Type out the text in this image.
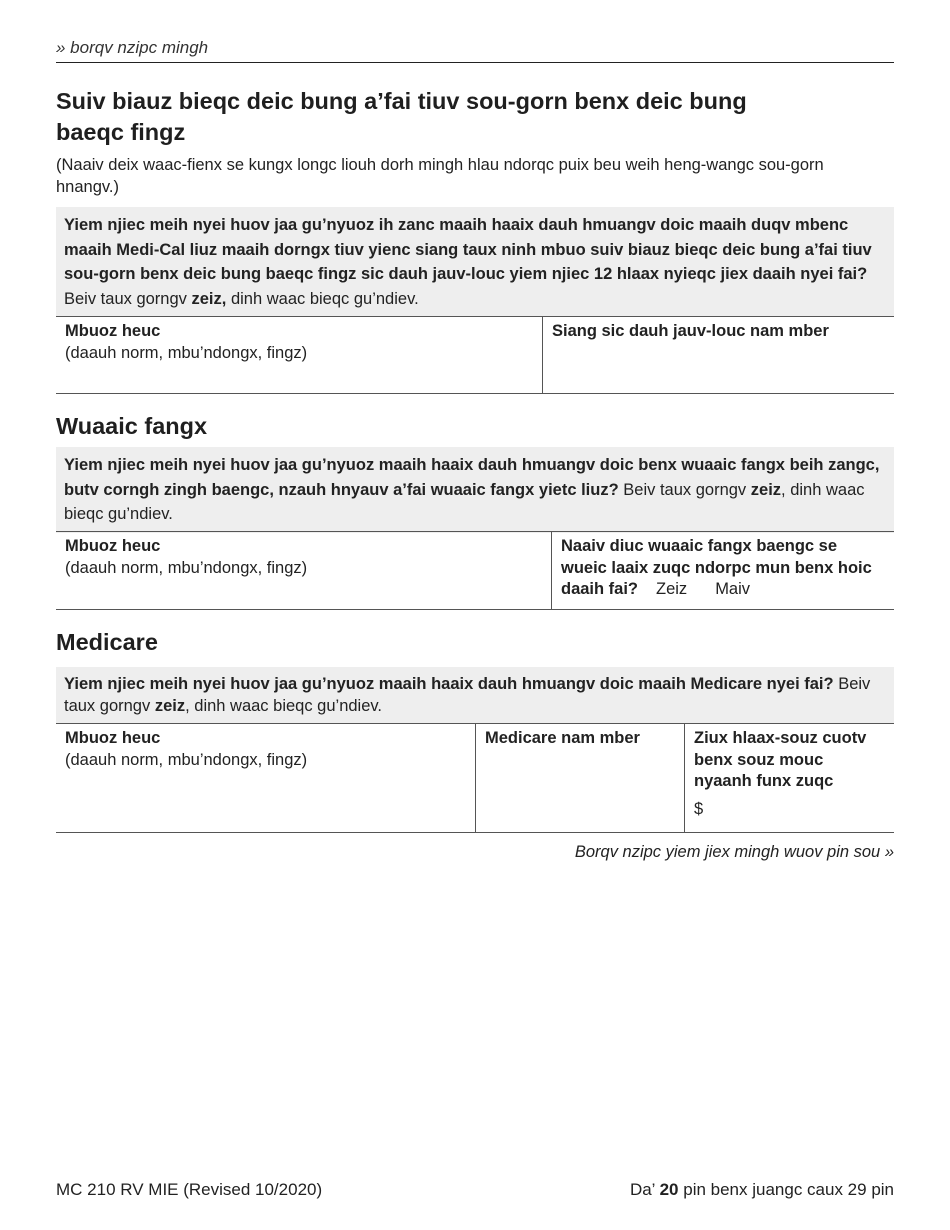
» borqv nzipc mingh
Suiv biauz bieqc deic bung a’fai tiuv sou-gorn benx deic bung baeqc fingz
(Naaiv deix waac-fienx se kungx longc liouh dorh mingh hlau ndorqc puix beu weih heng-wangc sou-gorn hnangv.)
Yiem njiec meih nyei huov jaa gu’nyuoz ih zanc maaih haaix dauh hmuangv doic maaih duqv mbenc maaih Medi-Cal liuz maaih dorngx tiuv yienc siang taux ninh mbuo suiv biauz bieqc deic bung a’fai tiuv sou-gorn benx deic bung baeqc fingz sic dauh jauv-louc yiem njiec 12 hlaax nyieqc jiex daaih nyei fai? Beiv taux gorngv zeiz, dinh waac bieqc gu’ndiev.
Mbuoz heuc
(daauh norm, mbu’ndongx, fingz)
Siang sic dauh jauv-louc nam mber
Wuaaic fangx
Yiem njiec meih nyei huov jaa gu’nyuoz maaih haaix dauh hmuangv doic benx wuaaic fangx beih zangc, butv corngh zingh baengc, nzauh hnyauv a’fai wuaaic fangx yietc liuz? Beiv taux gorngv zeiz, dinh waac bieqc gu’ndiev.
Mbuoz heuc
(daauh norm, mbu’ndongx, fingz)
Naaiv diuc wuaaic fangx baengc se wueic laaix zuqc ndorpc mun benx hoic daaih fai? Zeiz Maiv
Medicare
Yiem njiec meih nyei huov jaa gu’nyuoz maaih haaix dauh hmuangv doic maaih Medicare nyei fai? Beiv taux gorngv zeiz, dinh waac bieqc gu’ndiev.
Mbuoz heuc
(daauh norm, mbu’ndongx, fingz)
Medicare nam mber	Ziux hlaax-souz cuotv benx souz mouc nyaanh funx zuqc
$
Borqv nzipc yiem jiex mingh wuov pin sou »
MC 210 RV MIE (Revised 10/2020)	Da’ 20 pin benx juangc caux 29 pin
